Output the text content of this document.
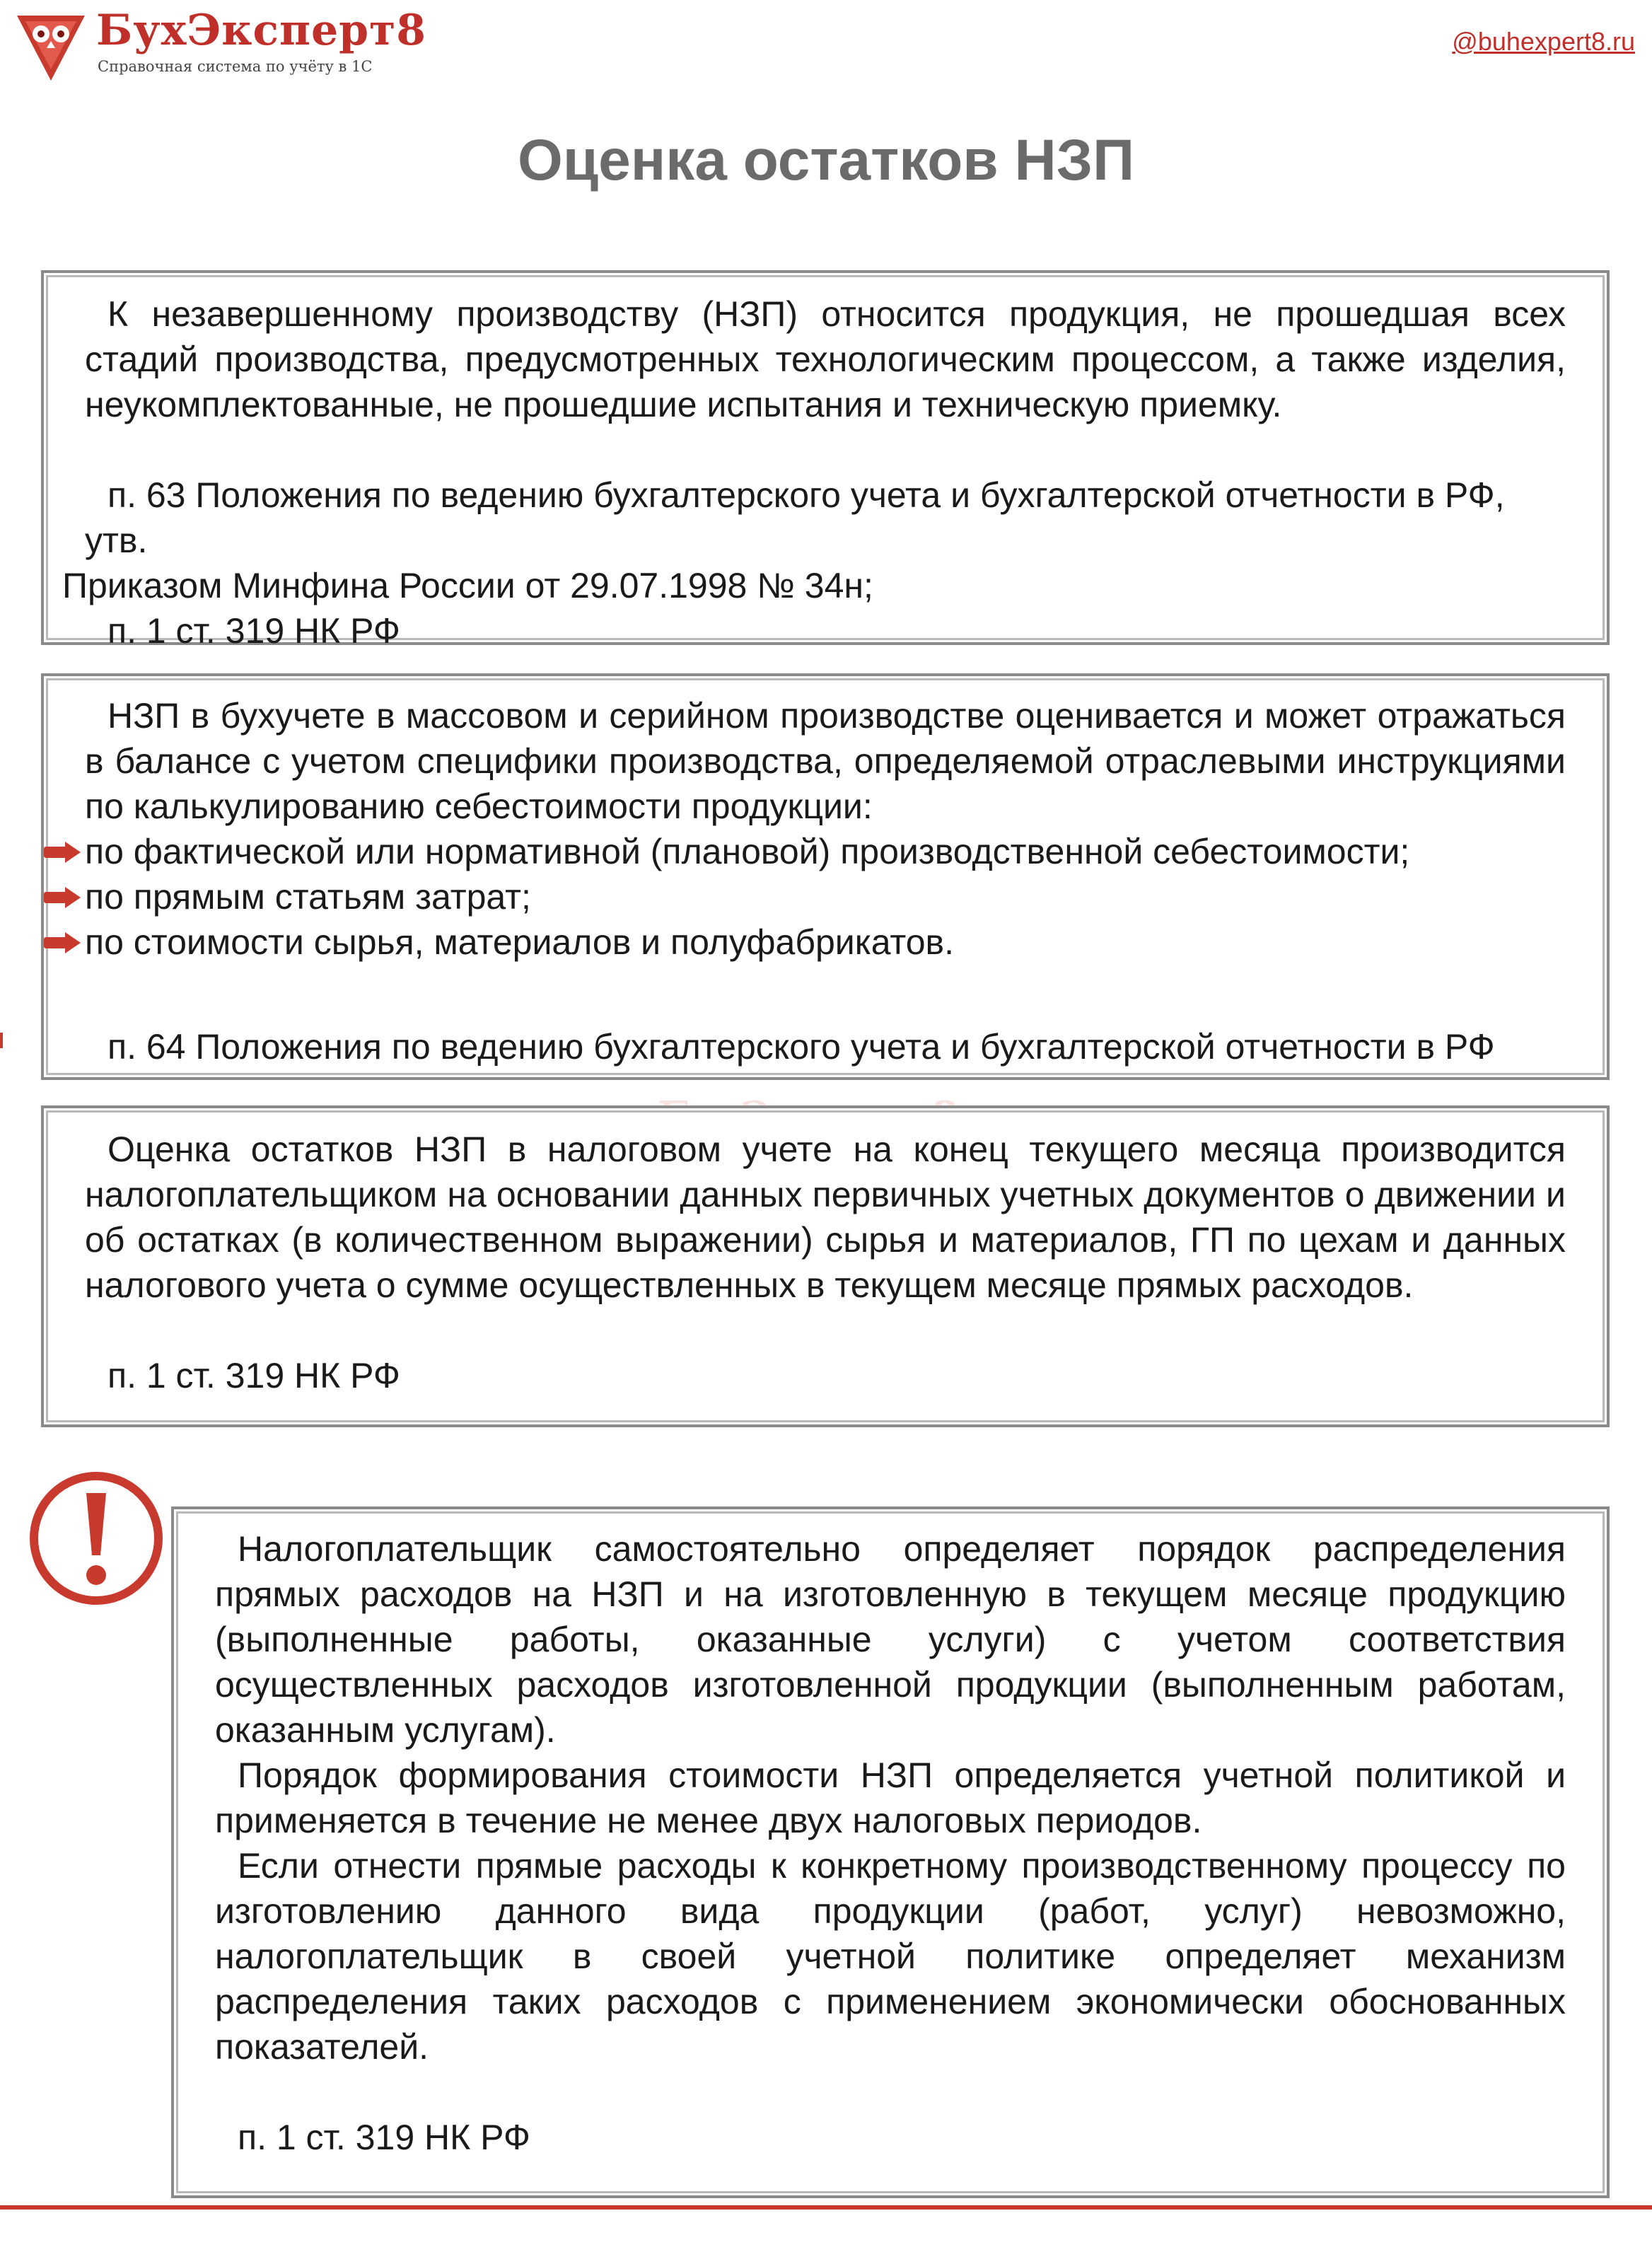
БухЭксперт8
Справочная система по учёту в 1С
@buhexpert8.ru
Оценка остатков НЗП

К незавершенному производству (НЗП) относится продукция, не прошедшая всех стадий производства, предусмотренных технологическим процессом, а также изделия, неукомплектованные, не прошедшие испытания и техническую приемку.

п. 63 Положения по ведению бухгалтерского учета и бухгалтерской отчетности в РФ, утв.
Приказом Минфина России от 29.07.1998 № 34н;

п. 1 ст. 319 НК РФ

НЗП в бухучете в массовом и серийном производстве оценивается и может отражаться в балансе с учетом специфики производства, определяемой отраслевыми инструкциями по калькулированию себестоимости продукции:

по фактической или нормативной (плановой) производственной себестоимости;
по прямым статьям затрат;
по стоимости сырья, материалов и полуфабрикатов.

п. 64 Положения по ведению бухгалтерского учета и бухгалтерской отчетности в РФ

Оценка остатков НЗП в налоговом учете на конец текущего месяца производится налогоплательщиком на основании данных первичных учетных документов о движении и об остатках (в количественном выражении) сырья и материалов, ГП по цехам и данных налогового учета о сумме осуществленных в текущем месяце прямых расходов.

п. 1 ст. 319 НК РФ

Налогоплательщик самостоятельно определяет порядок распределения прямых расходов на НЗП и на изготовленную в текущем месяце продукцию (выполненные работы, оказанные услуги) с учетом соответствия осуществленных расходов изготовленной продукции (выполненным работам, оказанным услугам).

Порядок формирования стоимости НЗП определяется учетной политикой и применяется в течение не менее двух налоговых периодов.

Если отнести прямые расходы к конкретному производственному процессу по изготовлению данного вида продукции (работ, услуг) невозможно, налогоплательщик в своей учетной политике определяет механизм распределения таких расходов с применением экономически обоснованных показателей.

п. 1 ст. 319 НК РФ
